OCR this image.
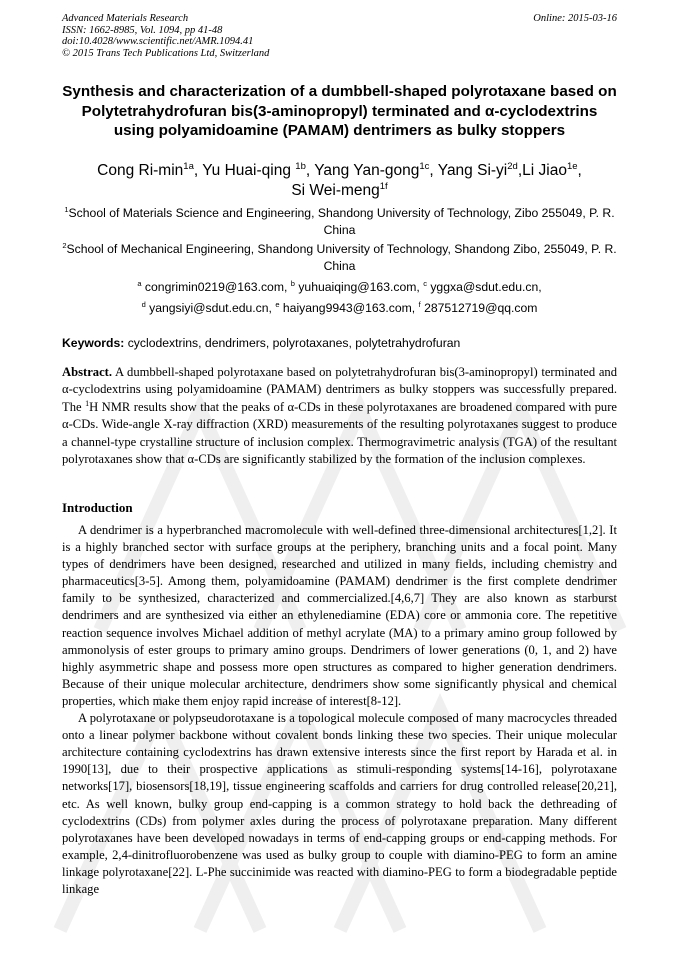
Advanced Materials Research
ISSN: 1662-8985, Vol. 1094, pp 41-48
doi:10.4028/www.scientific.net/AMR.1094.41
© 2015 Trans Tech Publications Ltd, Switzerland
Online: 2015-03-16
Synthesis and characterization of a dumbbell-shaped polyrotaxane based on Polytetrahydrofuran bis(3-aminopropyl) terminated and α-cyclodextrins using polyamidoamine (PAMAM) dentrimers as bulky stoppers
Cong $Ri-\min^{1a}$, Yu Huai-qing $^{1b}$, Yang Yan-gong$^{1c}$, Yang $Si-yi^{2d},Li$ Jiao$^{1e}$,
Si Wei-meng$^{1f}$
$^1$School of Materials Science and Engineering, Shandong University of Technology, Zibo 255049, P. R. China
$^2$School of Mechanical Engineering, Shandong University of Technology, Shandong Zibo, 255049, P. R. China
$^a$ congrimin0219@163.com, $^b$ yuhuaiqing@163.com, $^c$ yggxa@sdut.edu.cn,
$^d$ yangsiyi@sdut.edu.cn, $^e$ haiyang9943@163.com, $^f$ 287512719@qq.com
Keywords: cyclodextrins, dendrimers, polyrotaxanes, polytetrahydrofuran
Abstract. A dumbbell-shaped polyrotaxane based on polytetrahydrofuran bis(3-aminopropyl) terminated and α-cyclodextrins using polyamidoamine (PAMAM) dentrimers as bulky stoppers was successfully prepared. The $^1$H NMR results show that the peaks of α-CDs in these polyrotaxanes are broadened compared with pure α-CDs. Wide-angle X-ray diffraction (XRD) measurements of the resulting polyrotaxanes suggest to produce a channel-type crystalline structure of inclusion complex. Thermogravimetric analysis (TGA) of the resultant polyrotaxanes show that α-CDs are significantly stabilized by the formation of the inclusion complexes.
Introduction

A dendrimer is a hyperbranched macromolecule with well-defined three-dimensional architectures[1,2]. It is a highly branched sector with surface groups at the periphery, branching units and a focal point. Many types of dendrimers have been designed, researched and utilized in many fields, including chemistry and pharmaceutics[3-5]. Among them, polyamidoamine (PAMAM) dendrimer is the first complete dendrimer family to be synthesized, characterized and commercialized.[4,6,7] They are also known as starburst dendrimers and are synthesized via either an ethylenediamine (EDA) core or ammonia core. The repetitive reaction sequence involves Michael addition of methyl acrylate (MA) to a primary amino group followed by ammonolysis of ester groups to primary amino groups. Dendrimers of lower generations (0, 1, and 2) have highly asymmetric shape and possess more open structures as compared to higher generation dendrimers. Because of their unique molecular architecture, dendrimers show some significantly physical and chemical properties, which make them enjoy rapid increase of interest[8-12].

A polyrotaxane or polypseudorotaxane is a topological molecule composed of many macrocycles threaded onto a linear polymer backbone without covalent bonds linking these two species. Their unique molecular architecture containing cyclodextrins has drawn extensive interests since the first report by Harada et al. in 1990[13], due to their prospective applications as stimuli-responding systems[14-16], polyrotaxane networks[17], biosensors[18,19], tissue engineering scaffolds and carriers for drug controlled release[20,21], etc. As well known, bulky group end-capping is a common strategy to hold back the dethreading of cyclodextrins (CDs) from polymer axles during the process of polyrotaxane preparation. Many different polyrotaxanes have been developed nowadays in terms of end-capping groups or end-capping methods. For example, 2,4-dinitrofluorobenzene was used as bulky group to couple with diamino-PEG to form an amine linkage polyrotaxane[22]. L-Phe succinimide was reacted with diamino-PEG to form a biodegradable peptide linkage
